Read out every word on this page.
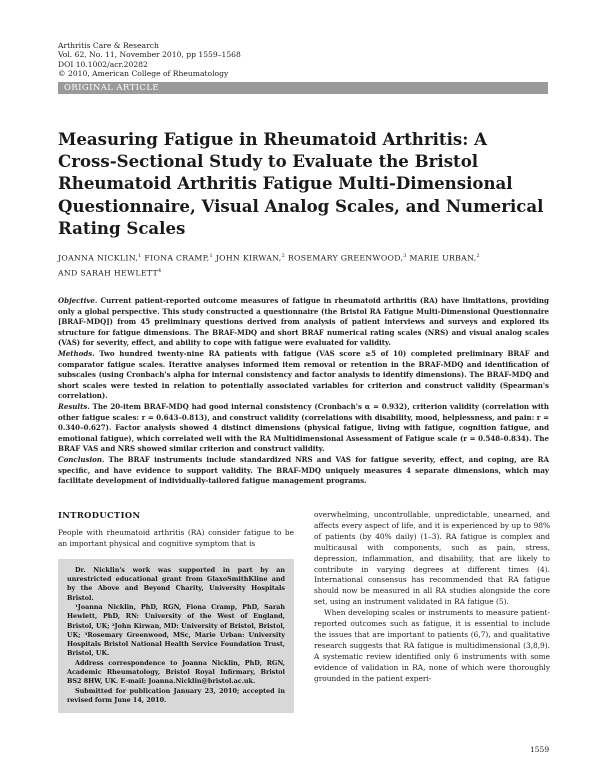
Arthritis Care & Research
Vol. 62, No. 11, November 2010, pp 1559–1568
DOI 10.1002/acr.20282
© 2010, American College of Rheumatology
ORIGINAL ARTICLE
Measuring Fatigue in Rheumatoid Arthritis: A Cross-Sectional Study to Evaluate the Bristol Rheumatoid Arthritis Fatigue Multi-Dimensional Questionnaire, Visual Analog Scales, and Numerical Rating Scales

JOANNA NICKLIN,$^1$ FIONA CRAMP,$^1$ JOHN KIRWAN,$^2$ ROSEMARY GREENWOOD,$^3$ MARIE URBAN,$^2$
AND SARAH HEWLETT$^4$

Objective. Current patient-reported outcome measures of fatigue in rheumatoid arthritis (RA) have limitations, providing only a global perspective. This study constructed a questionnaire (the Bristol RA Fatigue Multi-Dimensional Questionnaire [BRAF-MDQ]) from 45 preliminary questions derived from analysis of patient interviews and surveys and explored its structure for fatigue dimensions. The BRAF-MDQ and short BRAF numerical rating scales (NRS) and visual analog scales (VAS) for severity, effect, and ability to cope with fatigue were evaluated for validity.

Methods. Two hundred twenty-nine RA patients with fatigue (VAS score ≥5 of 10) completed preliminary BRAF and comparator fatigue scales. Iterative analyses informed item removal or retention in the BRAF-MDQ and identification of subscales (using Cronbach's alpha for internal consistency and factor analysis to identify dimensions). The BRAF-MDQ and short scales were tested in relation to potentially associated variables for criterion and construct validity (Spearman's correlation).

Results. The 20-item BRAF-MDQ had good internal consistency (Cronbach's α = 0.932), criterion validity (correlation with other fatigue scales: r = 0.643–0.813), and construct validity (correlations with disability, mood, helplessness, and pain: r = 0.340–0.627). Factor analysis showed 4 distinct dimensions (physical fatigue, living with fatigue, cognition fatigue, and emotional fatigue), which correlated well with the RA Multidimensional Assessment of Fatigue scale (r = 0.548–0.834). The BRAF VAS and NRS showed similar criterion and construct validity.

Conclusion. The BRAF instruments include standardized NRS and VAS for fatigue severity, effect, and coping, are RA specific, and have evidence to support validity. The BRAF-MDQ uniquely measures 4 separate dimensions, which may facilitate development of individually-tailored fatigue management programs.

INTRODUCTION

People with rheumatoid arthritis (RA) consider fatigue to be an important physical and cognitive symptom that is

Dr. Nicklin's work was supported in part by an unrestricted educational grant from GlaxoSmithKline and by the Above and Beyond Charity, University Hospitals Bristol.

¹Joanna Nicklin, PhD, RGN, Fiona Cramp, PhD, Sarah Hewlett, PhD, RN: University of the West of England, Bristol, UK; ²John Kirwan, MD: University of Bristol, Bristol, UK; ³Rosemary Greenwood, MSc, Marie Urban: University Hospitals Bristol National Health Service Foundation Trust, Bristol, UK.

Address correspondence to Joanna Nicklin, PhD, RGN, Academic Rheumatology, Bristol Royal Infirmary, Bristol BS2 8HW, UK. E-mail: Joanna.Nicklin@bristol.ac.uk.

Submitted for publication January 23, 2010; accepted in revised form June 14, 2010.

overwhelming, uncontrollable, unpredictable, unearned, and affects every aspect of life, and it is experienced by up to 98% of patients (by 40% daily) (1–3). RA fatigue is complex and multicausal with components, such as pain, stress, depression, inflammation, and disability, that are likely to contribute in varying degrees at different times (4). International consensus has recommended that RA fatigue should now be measured in all RA studies alongside the core set, using an instrument validated in RA fatigue (5).

When developing scales or instruments to measure patient-reported outcomes such as fatigue, it is essential to include the issues that are important to patients (6,7), and qualitative research suggests that RA fatigue is multidimensional (3,8,9). A systematic review identified only 6 instruments with some evidence of validation in RA, none of which were thoroughly grounded in the patient experi-

1559
